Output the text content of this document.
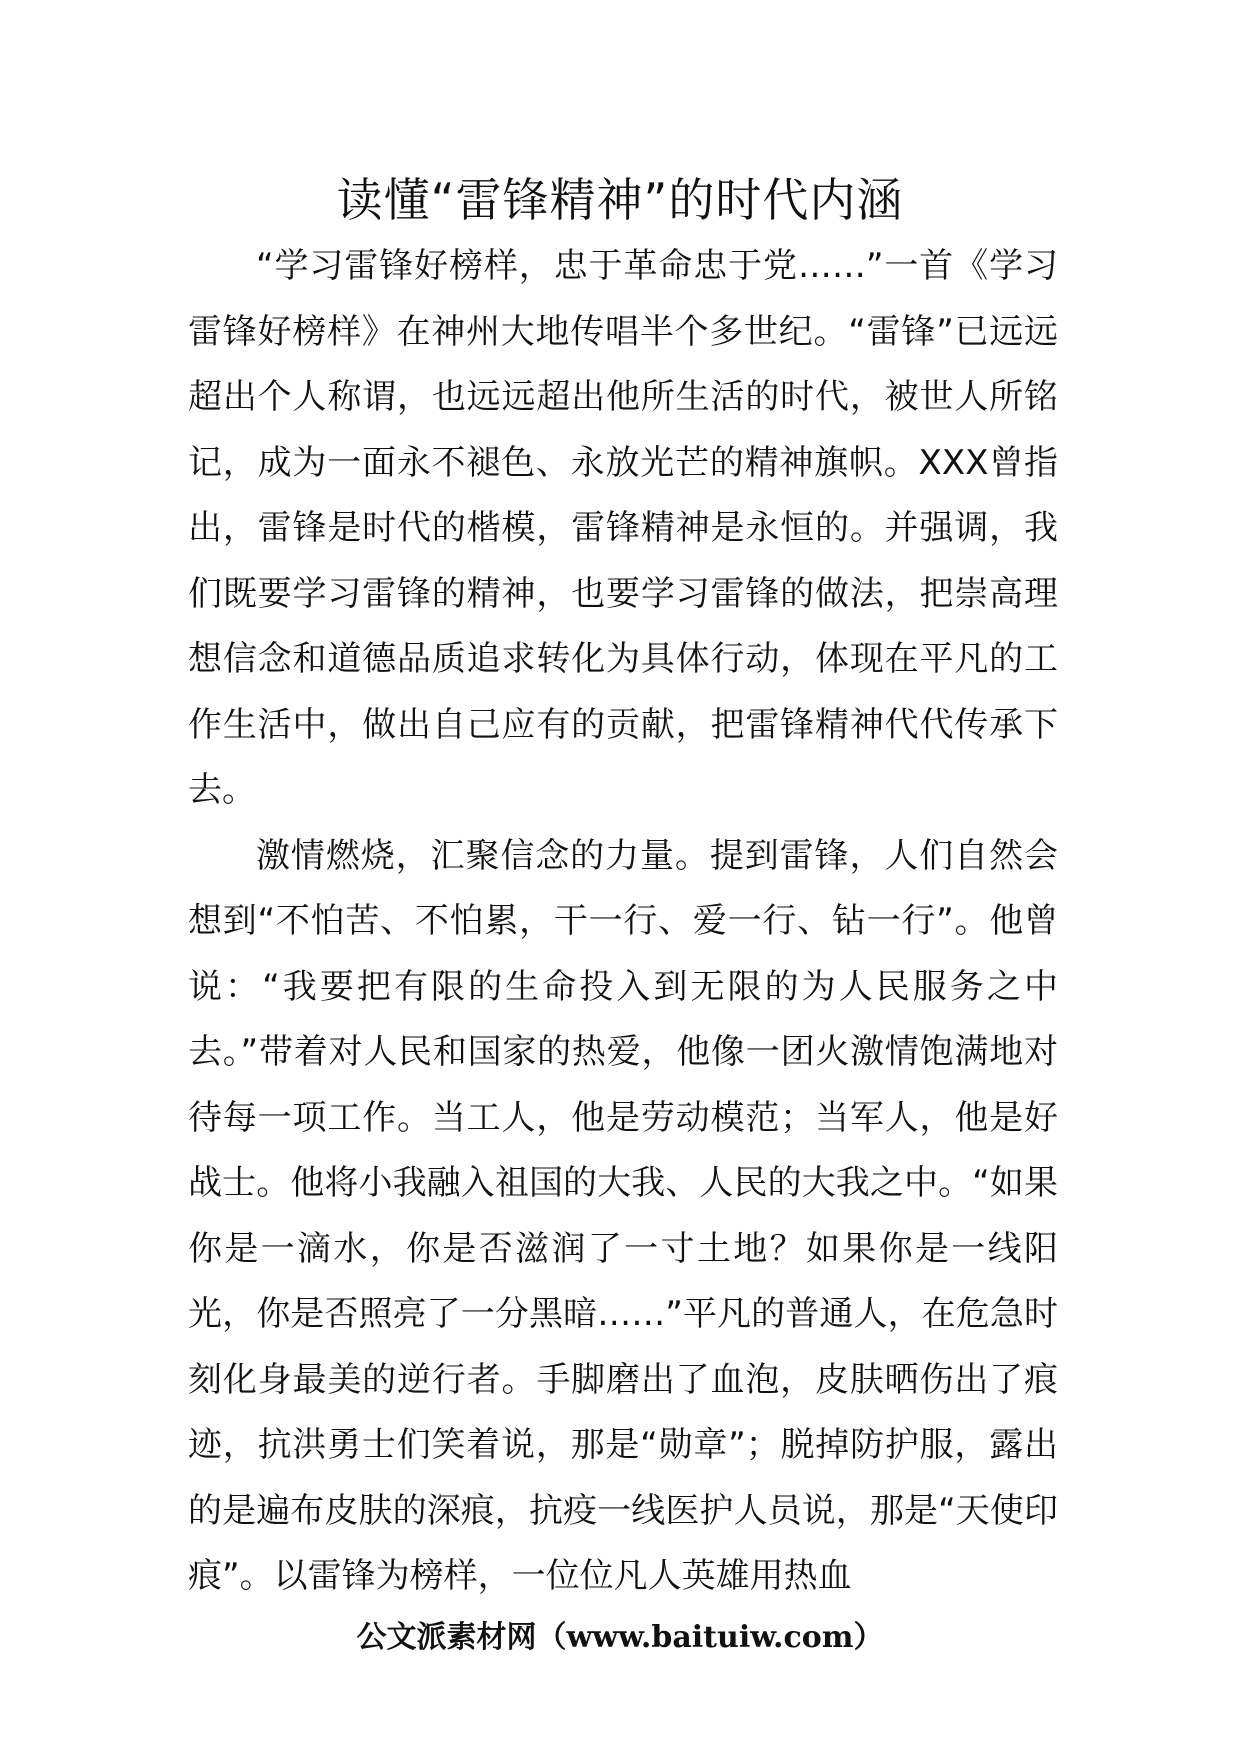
读懂“雷锋精神”的时代内涵

“学习雷锋好榜样，忠于革命忠于党……”一首《学习雷锋好榜样》在神州大地传唱半个多世纪。“雷锋”已远远超出个人称谓，也远远超出他所生活的时代，被世人所铭记，成为一面永不褪色、永放光芒的精神旗帜。XXX曾指出，雷锋是时代的楷模，雷锋精神是永恒的。并强调，我们既要学习雷锋的精神，也要学习雷锋的做法，把崇高理想信念和道德品质追求转化为具体行动，体现在平凡的工作生活中，做出自己应有的贡献，把雷锋精神代代传承下去。

激情燃烧，汇聚信念的力量。提到雷锋，人们自然会想到“不怕苦、不怕累，干一行、爱一行、钻一行”。他曾说：“我要把有限的生命投入到无限的为人民服务之中去。”带着对人民和国家的热爱，他像一团火激情饱满地对待每一项工作。当工人，他是劳动模范；当军人，他是好战士。他将小我融入祖国的大我、人民的大我之中。“如果你是一滴水，你是否滋润了一寸土地？如果你是一线阳光，你是否照亮了一分黑暗……”平凡的普通人，在危急时刻化身最美的逆行者。手脚磨出了血泡，皮肤晒伤出了痕迹，抗洪勇士们笑着说，那是“勋章”；脱掉防护服，露出的是遍布皮肤的深痕，抗疫一线医护人员说，那是“天使印痕”。以雷锋为榜样，一位位凡人英雄用热血

公文派素材网（www.baituiw.com）
